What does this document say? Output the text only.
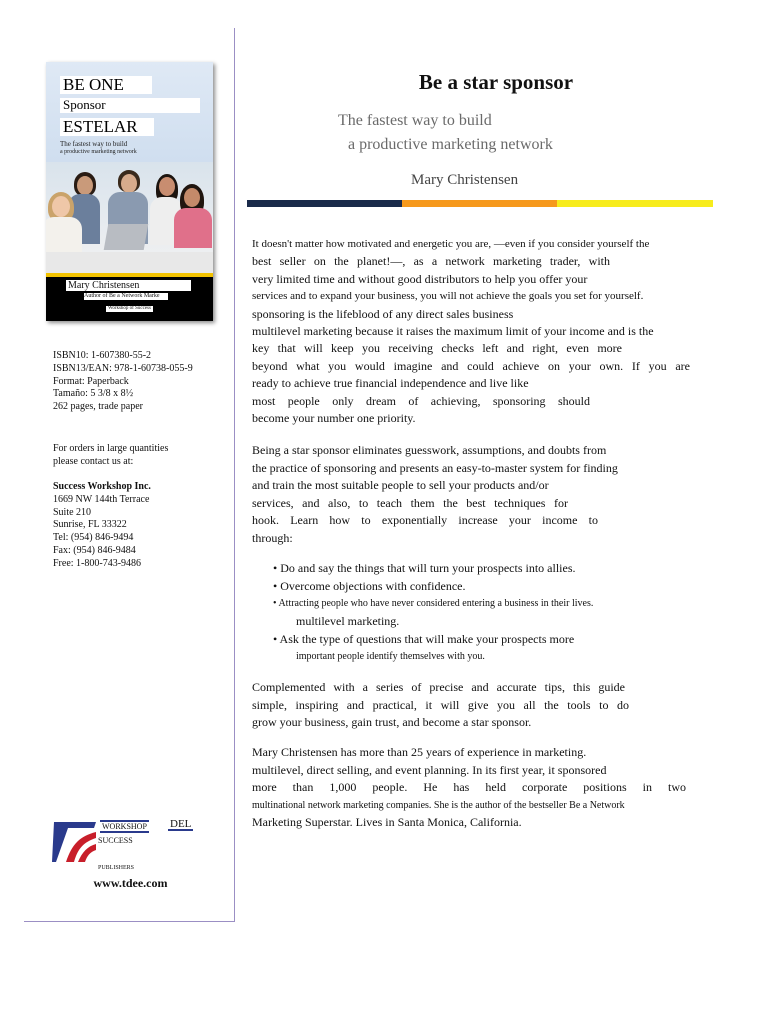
BE ONE
Sponsor
ESTELAR
The fastest way to build
a productive marketing network
Mary Christensen
Author of Be a Network Marke
Workshop of Success
ISBN10: 1-607380-55-2
ISBN13/EAN: 978-1-60738-055-9
Format: Paperback
Tamaño: 5 3/8 x 8½
262 pages, trade paper
For orders in large quantities
please contact us at:
Success Workshop Inc.
1669 NW 144th Terrace
Suite 210
Sunrise, FL 33322
Tel: (954) 846-9494
Fax: (954) 846-9484
Free: 1-800-743-9486
WORKSHOP DEL
SUCCESS
PUBLISHERS
www.tdee.com
Be a star sponsor
The fastest way to build
a productive marketing network
Mary Christensen
It doesn't matter how motivated and energetic you are, —even if you consider yourself the
best seller on the planet!—, as a network marketing trader, with
very limited time and without good distributors to help you offer your
services and to expand your business, you will not achieve the goals you set for yourself.
sponsoring is the lifeblood of any direct sales business
multilevel marketing because it raises the maximum limit of your income and is the
key that will keep you receiving checks left and right, even more
beyond what you would imagine and could achieve on your own. If you are
ready to achieve true financial independence and live like
most people only dream of achieving, sponsoring should
become your number one priority.
Being a star sponsor eliminates guesswork, assumptions, and doubts from
the practice of sponsoring and presents an easy-to-master system for finding
and train the most suitable people to sell your products and/or
services, and also, to teach them the best techniques for
hook. Learn how to exponentially increase your income to
through:
• Do and say the things that will turn your prospects into allies.
• Overcome objections with confidence.
• Attracting people who have never considered entering a business in their lives.
multilevel marketing.
• Ask the type of questions that will make your prospects more
important people identify themselves with you.
Complemented with a series of precise and accurate tips, this guide
simple, inspiring and practical, it will give you all the tools to do
grow your business, gain trust, and become a star sponsor.
Mary Christensen has more than 25 years of experience in marketing.
multilevel, direct selling, and event planning. In its first year, it sponsored
more than 1,000 people. He has held corporate positions in two
multinational network marketing companies. She is the author of the bestseller Be a Network
Marketing Superstar. Lives in Santa Monica, California.
